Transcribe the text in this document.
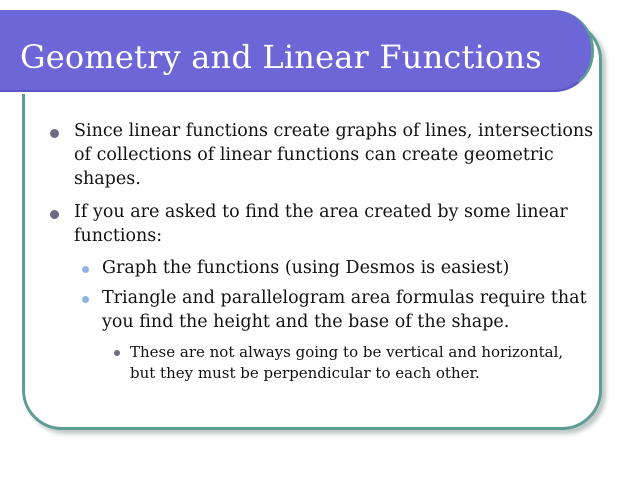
Geometry and Linear Functions
Since linear functions create graphs of lines, intersections of collections of linear functions can create geometric shapes.
If you are asked to find the area created by some linear functions:
Graph the functions (using Desmos is easiest)
Triangle and parallelogram area formulas require that you find the height and the base of the shape.
These are not always going to be vertical and horizontal, but they must be perpendicular to each other.
